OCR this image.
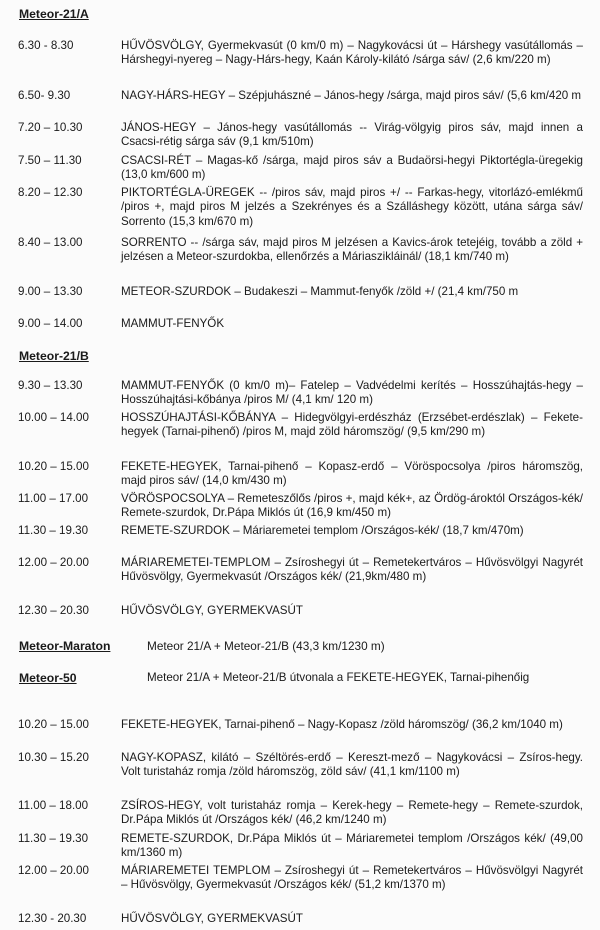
Meteor-21/A
6.30 - 8.30	HŰVÖSVÖLGY, Gyermekvasút (0 km/0 m) – Nagykovácsi út – Hárshegy vasútállomás – Hárshegyi-nyereg – Nagy-Hárs-hegy, Kaán Károly-kilátó /sárga sáv/ (2,6 km/220 m)
6.50- 9.30	NAGY-HÁRS-HEGY – Szépjuhászné – János-hegy /sárga, majd piros sáv/ (5,6 km/420 m
7.20 – 10.30	JÁNOS-HEGY – János-hegy vasútállomás -- Virág-völgyig piros sáv, majd innen a Csacsi-rétig sárga sáv (9,1 km/510m)
7.50 – 11.30	CSACSI-RÉT – Magas-kő /sárga, majd piros sáv a Budaörsi-hegyi Piktortégla-üregekig (13,0 km/600 m)
8.20 – 12.30	PIKTORTÉGLA-ÜREGEK -- /piros sáv, majd piros +/ -- Farkas-hegy, vitorlázó-emlékmű /piros +, majd piros M jelzés a Szekrényes és a Szálláshegy között, utána sárga sáv/ Sorrento (15,3 km/670 m)
8.40 – 13.00	SORRENTO -- /sárga sáv, majd piros M jelzésen a Kavics-árok tetejéig, tovább a zöld + jelzésen a Meteor-szurdokba, ellenőrzés a Máriaszikláinál/ (18,1 km/740 m)
9.00 – 13.30	METEOR-SZURDOK – Budakeszi – Mammut-fenyők /zöld +/ (21,4 km/750 m
9.00 – 14.00	MAMMUT-FENYŐK
Meteor-21/B
9.30 – 13.30	MAMMUT-FENYŐK (0 km/0 m)– Fatelep – Vadvédelmi kerítés – Hosszúhajtás-hegy – Hosszúhajtási-kőbánya /piros M/ (4,1 km/ 120 m)
10.00 – 14.00	HOSSZÚHAJTÁSI-KŐBÁNYA – Hidegvölgyi-erdészház (Erzsébet-erdészlak) – Fekete-hegyek (Tarnai-pihenő) /piros M, majd zöld háromszög/ (9,5 km/290 m)
10.20 – 15.00	FEKETE-HEGYEK, Tarnai-pihenő – Kopasz-erdő – Vöröspocsolya /piros háromszög, majd piros sáv/ (14,0 km/430 m)
11.00 – 17.00	VÖRÖSPOCSOLYA – Remeteszőlős /piros +, majd kék+, az Ördög-ároktól Országos-kék/ Remete-szurdok, Dr.Pápa Miklós út (16,9 km/450 m)
11.30 – 19.30	REMETE-SZURDOK – Máriaremetei templom /Országos-kék/ (18,7 km/470m)
12.00 – 20.00	MÁRIAREMETEI-TEMPLOM – Zsíroshegyi út – Remetekertváros – Hűvösvölgyi Nagyrét Hűvösvölgy, Gyermekvasút /Országos kék/ (21,9km/480 m)
12.30 – 20.30	HŰVÖSVÖLGY, GYERMEKVASÚT
Meteor-Maraton	Meteor 21/A + Meteor-21/B (43,3 km/1230 m)
Meteor-50	Meteor 21/A + Meteor-21/B útvonala a FEKETE-HEGYEK, Tarnai-pihenőig
10.20 – 15.00	FEKETE-HEGYEK, Tarnai-pihenő – Nagy-Kopasz /zöld háromszög/ (36,2 km/1040 m)
10.30 – 15.20	NAGY-KOPASZ, kilátó – Széltörés-erdő – Kereszt-mező – Nagykovácsi – Zsíros-hegy. Volt turistaház romja /zöld háromszög, zöld sáv/ (41,1 km/1100 m)
11.00 – 18.00	ZSÍROS-HEGY, volt turistaház romja – Kerek-hegy – Remete-hegy – Remete-szurdok, Dr.Pápa Miklós út /Országos kék/ (46,2 km/1240 m)
11.30 – 19.30	REMETE-SZURDOK, Dr.Pápa Miklós út – Máriaremetei templom /Országos kék/ (49,00 km/1360 m)
12.00 – 20.00	MÁRIAREMETEI TEMPLOM – Zsíroshegyi út – Remetekertváros – Hűvösvölgyi Nagyrét – Hűvösvölgy, Gyermekvasút /Országos kék/ (51,2 km/1370 m)
12.30 - 20.30	HŰVÖSVÖLGY, GYERMEKVASÚT
